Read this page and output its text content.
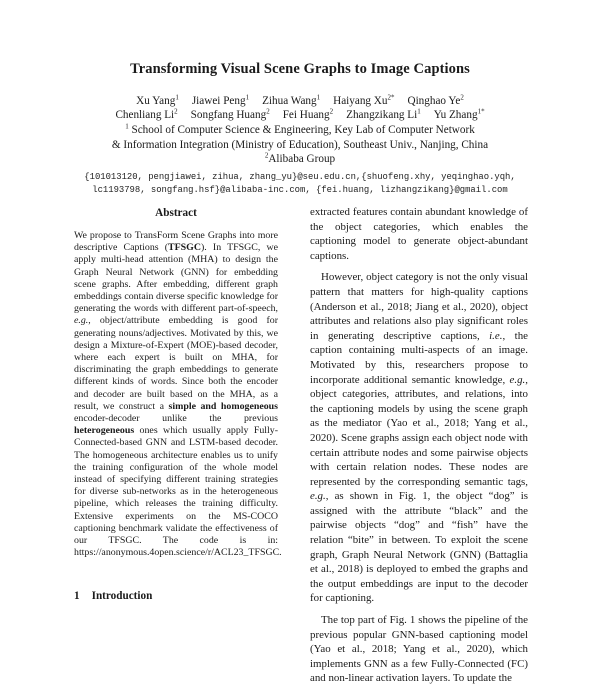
Transforming Visual Scene Graphs to Image Captions
Xu Yang$^1$ Jiawei Peng$^1$ Zihua Wang$^1$ Haiyang $Xu^{2*}$ Qinghao Ye$^2$
Chenliang Li$^2$ Songfang Huang$^2$ Fei Huang$^2$ Zhangzikang Li$^1$ Yu Zhang$^{1*}$
$^1$ School of Computer Science & Engineering, Key Lab of Computer Network
& Information Integration (Ministry of Education), Southeast Univ., Nanjing, China
$^2$Alibaba Group
{101013120, pengjiawei, zihua, zhang_yu}@seu.edu.cn,{shuofeng.xhy, yeqinghao.yqh,
lc1193798, songfang.hsf}@alibaba-inc.com, {fei.huang, lizhangzikang}@gmail.com
Abstract
We propose to TransForm Scene Graphs into more descriptive Captions (TFSGC). In TFSGC, we apply multi-head attention (MHA) to design the Graph Neural Network (GNN) for embedding scene graphs. After embedding, different graph embeddings contain diverse specific knowledge for generating the words with different part-of-speech, e.g., object/attribute embedding is good for generating nouns/adjectives. Motivated by this, we design a Mixture-of-Expert (MOE)-based decoder, where each expert is built on MHA, for discriminating the graph embeddings to generate different kinds of words. Since both the encoder and decoder are built based on the MHA, as a result, we construct a simple and homogeneous encoder-decoder unlike the previous heterogeneous ones which usually apply Fully-Connected-based GNN and LSTM-based decoder. The homogeneous architecture enables us to unify the training configuration of the whole model instead of specifying different training strategies for diverse sub-networks as in the heterogeneous pipeline, which releases the training difficulty. Extensive experiments on the MS-COCO captioning benchmark validate the effectiveness of our TFSGC. The code is in: https://anonymous.4open.science/r/ACL23_TFSGC.

extracted features contain abundant knowledge of the object categories, which enables the captioning model to generate object-abundant captions.

However, object category is not the only visual pattern that matters for high-quality captions (Anderson et al., 2018; Jiang et al., 2020), object attributes and relations also play significant roles in generating descriptive captions, i.e., the caption containing multi-aspects of an image. Motivated by this, researchers propose to incorporate additional semantic knowledge, e.g., object categories, attributes, and relations, into the captioning models by using the scene graph as the mediator (Yao et al., 2018; Yang et al., 2020). Scene graphs assign each object node with certain attribute nodes and some pairwise objects with certain relation nodes. These nodes are represented by the corresponding semantic tags, e.g., as shown in Fig. 1, the object “dog” is assigned with the attribute “black” and the pairwise objects “dog” and “fish” have the relation “bite” in between. To exploit the scene graph, Graph Neural Network (GNN) (Battaglia et al., 2018) is deployed to embed the graphs and the output embeddings are input to the decoder for captioning.

The top part of Fig. 1 shows the pipeline of the previous popular GNN-based captioning model (Yao et al., 2018; Yang et al., 2020), which implements GNN as a few Fully-Connected (FC) and non-linear activation layers. To update the

1 Introduction
